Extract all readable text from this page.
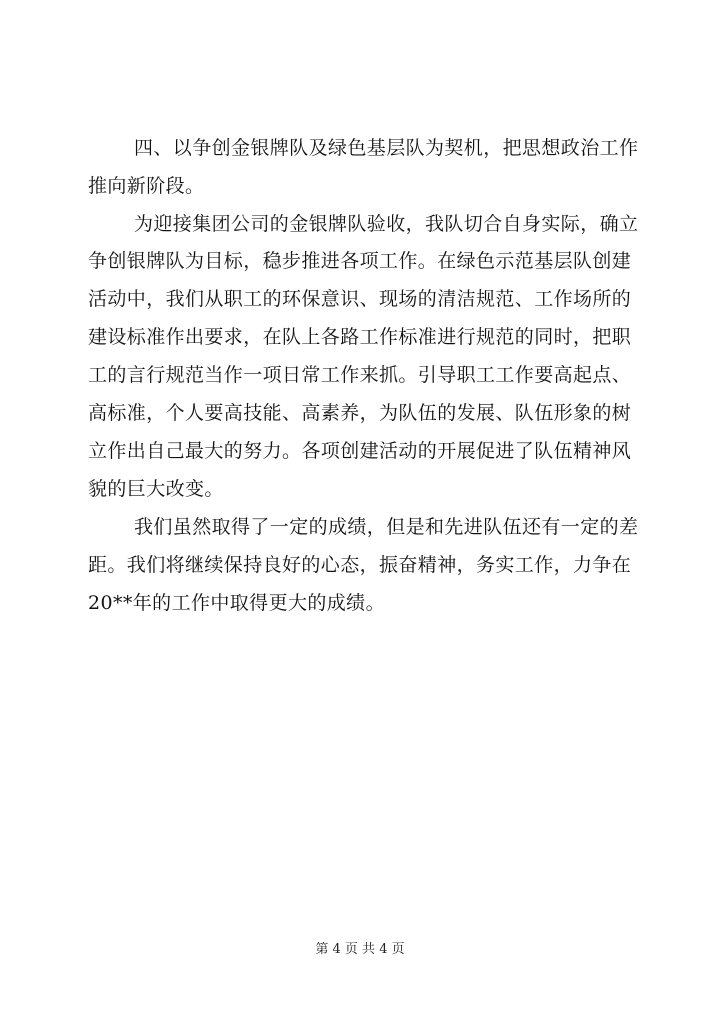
四、以争创金银牌队及绿色基层队为契机，把思想政治工作
推向新阶段。
为迎接集团公司的金银牌队验收，我队切合自身实际，确立
争创银牌队为目标，稳步推进各项工作。在绿色示范基层队创建
活动中，我们从职工的环保意识、现场的清洁规范、工作场所的
建设标准作出要求，在队上各路工作标准进行规范的同时，把职
工的言行规范当作一项日常工作来抓。引导职工工作要高起点、
高标准，个人要高技能、高素养，为队伍的发展、队伍形象的树
立作出自己最大的努力。各项创建活动的开展促进了队伍精神风
貌的巨大改变。
我们虽然取得了一定的成绩，但是和先进队伍还有一定的差
距。我们将继续保持良好的心态，振奋精神，务实工作，力争在
20**年的工作中取得更大的成绩。
第 4 页 共 4 页
